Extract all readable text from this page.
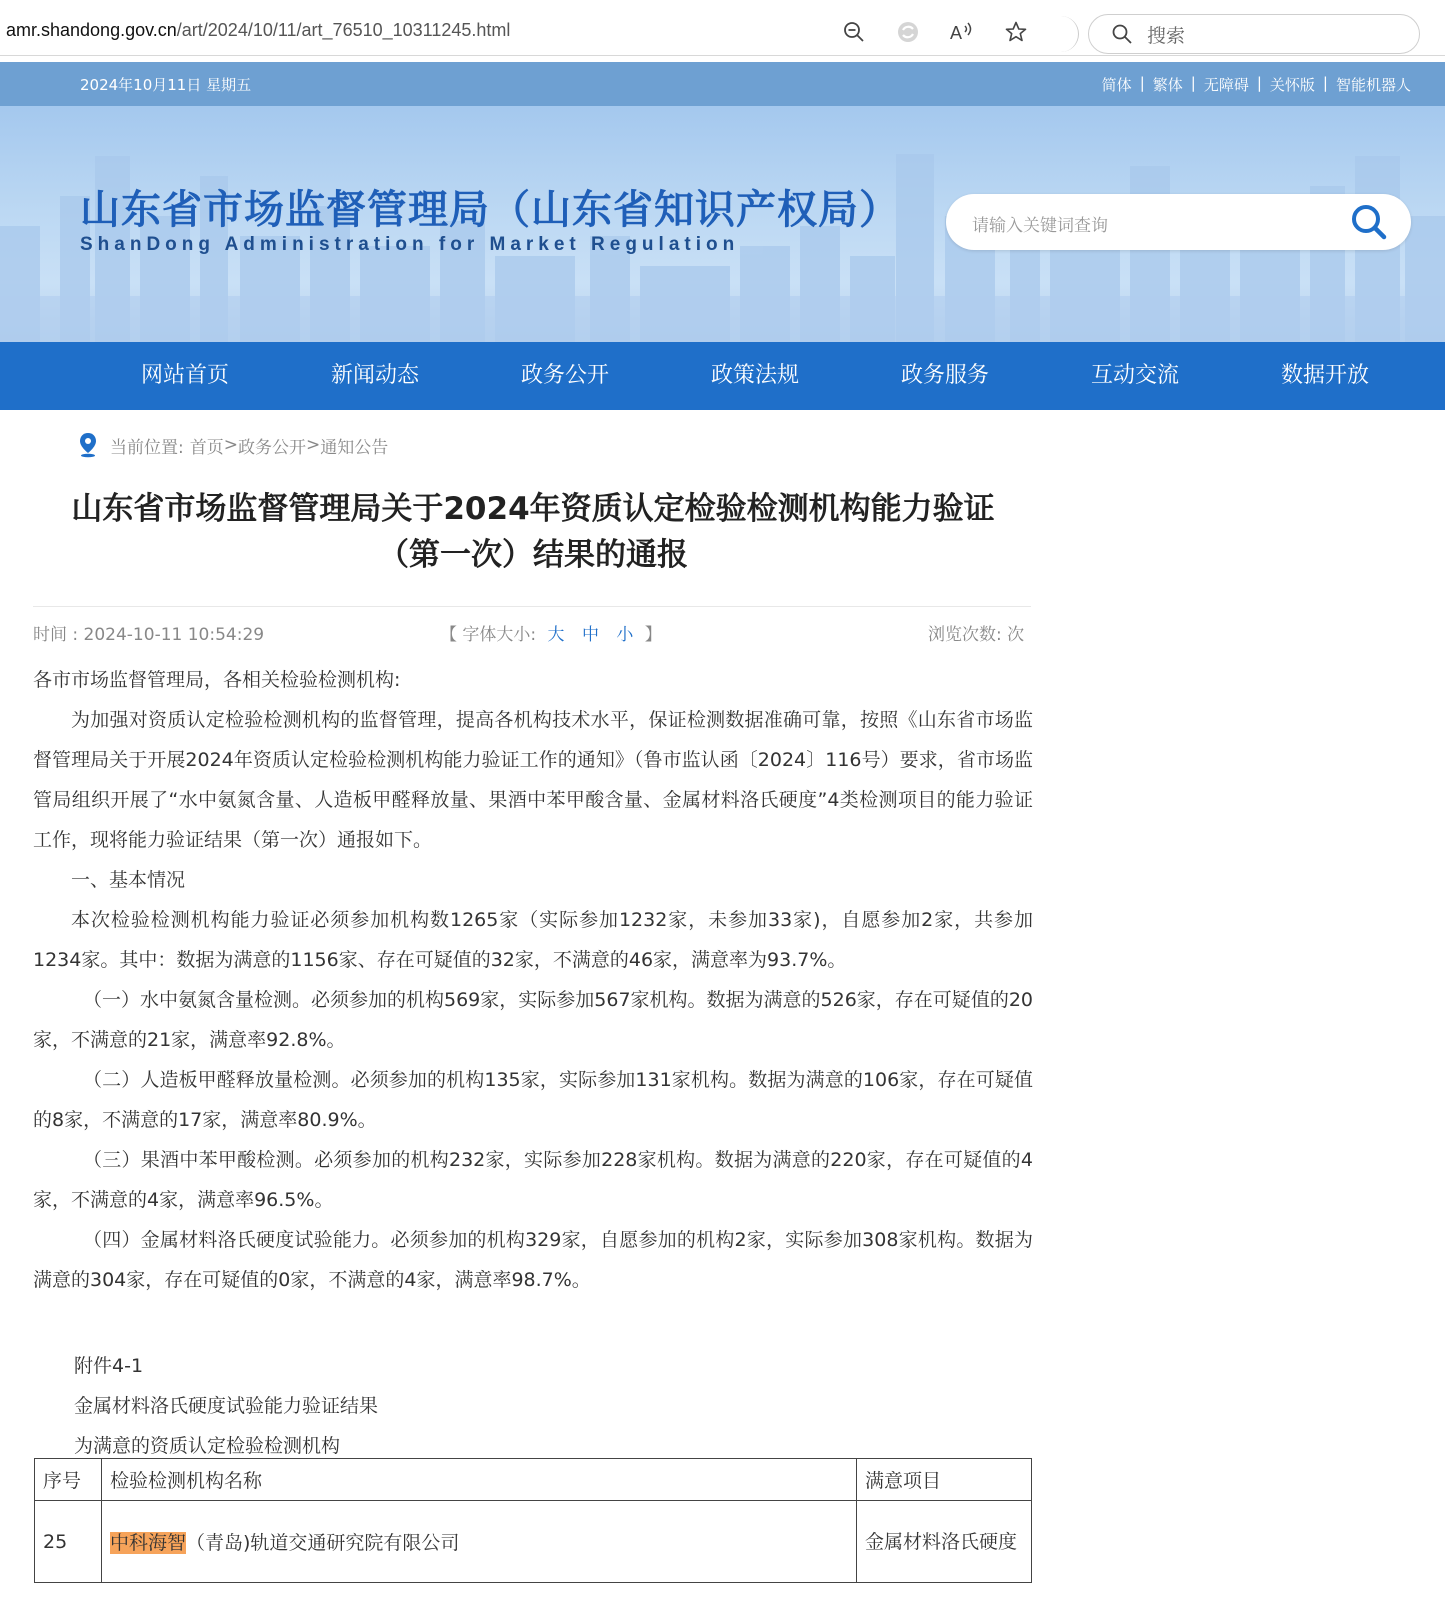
amr.shandong.gov.cn/art/2024/10/11/art_76510_10311245.html	A	搜索
2024年10月11日 星期五	简体 | 繁体 | 无障碍 | 关怀版 | 智能机器人
山东省市场监督管理局（山东省知识产权局）
ShanDong Administration for Market Regulation
请输入关键词查询
网站首页	新闻动态	政务公开	政策法规	政务服务	互动交流	数据开放
当前位置: 首页 > 政务公开 > 通知公告
山东省市场监督管理局关于2024年资质认定检验检测机构能力验证
（第一次）结果的通报
时间 : 2024-10-11 10:54:29	【 字体大小: 大 中 小 】	浏览次数: 次

各市市场监督管理局，各相关检验检测机构:

为加强对资质认定检验检测机构的监督管理，提高各机构技术水平，保证检测数据准确可靠，按照《山东省市场监督管理局关于开展2024年资质认定检验检测机构能力验证工作的通知》（鲁市监认函〔2024〕116号）要求，省市场监管局组织开展了“水中氨氮含量、人造板甲醛释放量、果酒中苯甲酸含量、金属材料洛氏硬度”4类检测项目的能力验证工作，现将能力验证结果（第一次）通报如下。

一、基本情况

本次检验检测机构能力验证必须参加机构数1265家（实际参加1232家，未参加33家)，自愿参加2家，共参加1234家。其中：数据为满意的1156家、存在可疑值的32家，不满意的46家，满意率为93.7%。

（一）水中氨氮含量检测。必须参加的机构569家，实际参加567家机构。数据为满意的526家，存在可疑值的20家，不满意的21家，满意率92.8%。

（二）人造板甲醛释放量检测。必须参加的机构135家，实际参加131家机构。数据为满意的106家，存在可疑值的8家，不满意的17家，满意率80.9%。

（三）果酒中苯甲酸检测。必须参加的机构232家，实际参加228家机构。数据为满意的220家，存在可疑值的4家，不满意的4家，满意率96.5%。

（四）金属材料洛氏硬度试验能力。必须参加的机构329家，自愿参加的机构2家，实际参加308家机构。数据为满意的304家，存在可疑值的0家，不满意的4家，满意率98.7%。

附件4-1
金属材料洛氏硬度试验能力验证结果
为满意的资质认定检验检测机构
序号	检验检测机构名称	满意项目
25	中科海智（青岛)轨道交通研究院有限公司	金属材料洛氏硬度
